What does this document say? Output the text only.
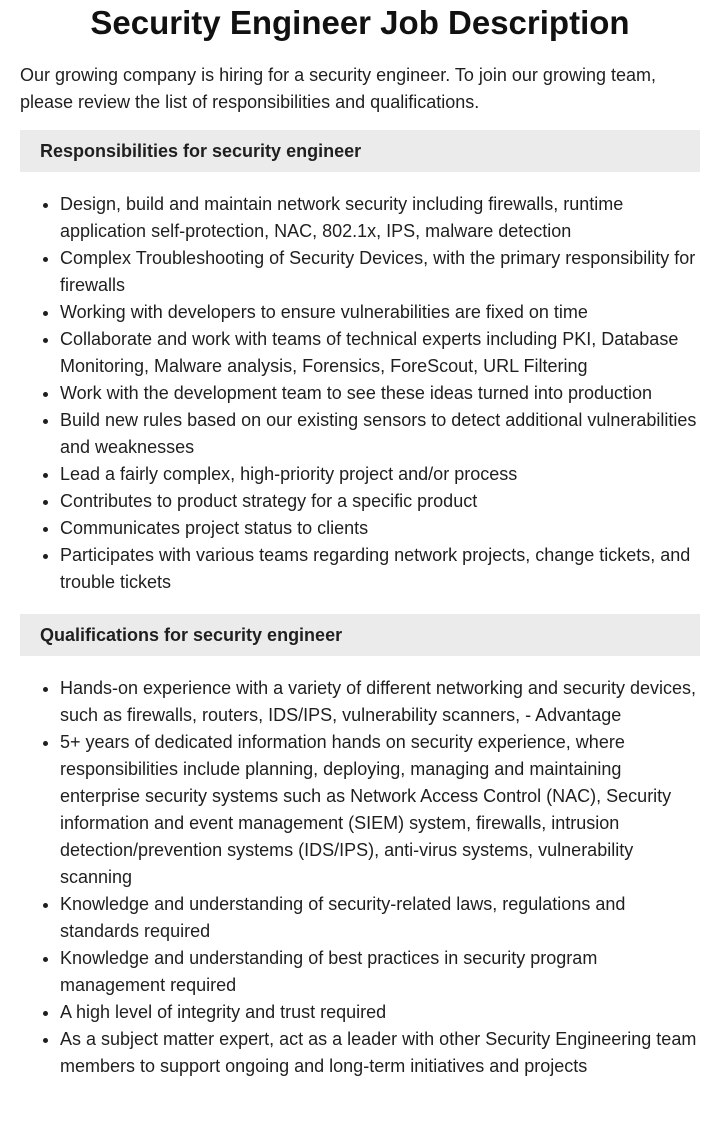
Security Engineer Job Description

Our growing company is hiring for a security engineer. To join our growing team, please review the list of responsibilities and qualifications.

Responsibilities for security engineer
• Design, build and maintain network security including firewalls, runtime application self-protection, NAC, 802.1x, IPS, malware detection
• Complex Troubleshooting of Security Devices, with the primary responsibility for firewalls
• Working with developers to ensure vulnerabilities are fixed on time
• Collaborate and work with teams of technical experts including PKI, Database Monitoring, Malware analysis, Forensics, ForeScout, URL Filtering
• Work with the development team to see these ideas turned into production
• Build new rules based on our existing sensors to detect additional vulnerabilities and weaknesses
• Lead a fairly complex, high-priority project and/or process
• Contributes to product strategy for a specific product
• Communicates project status to clients
• Participates with various teams regarding network projects, change tickets, and trouble tickets
Qualifications for security engineer
• Hands-on experience with a variety of different networking and security devices, such as firewalls, routers, IDS/IPS, vulnerability scanners, - Advantage
• 5+ years of dedicated information hands on security experience, where responsibilities include planning, deploying, managing and maintaining enterprise security systems such as Network Access Control (NAC), Security information and event management (SIEM) system, firewalls, intrusion detection/prevention systems (IDS/IPS), anti-virus systems, vulnerability scanning
• Knowledge and understanding of security-related laws, regulations and standards required
• Knowledge and understanding of best practices in security program management required
• A high level of integrity and trust required
• As a subject matter expert, act as a leader with other Security Engineering team members to support ongoing and long-term initiatives and projects
